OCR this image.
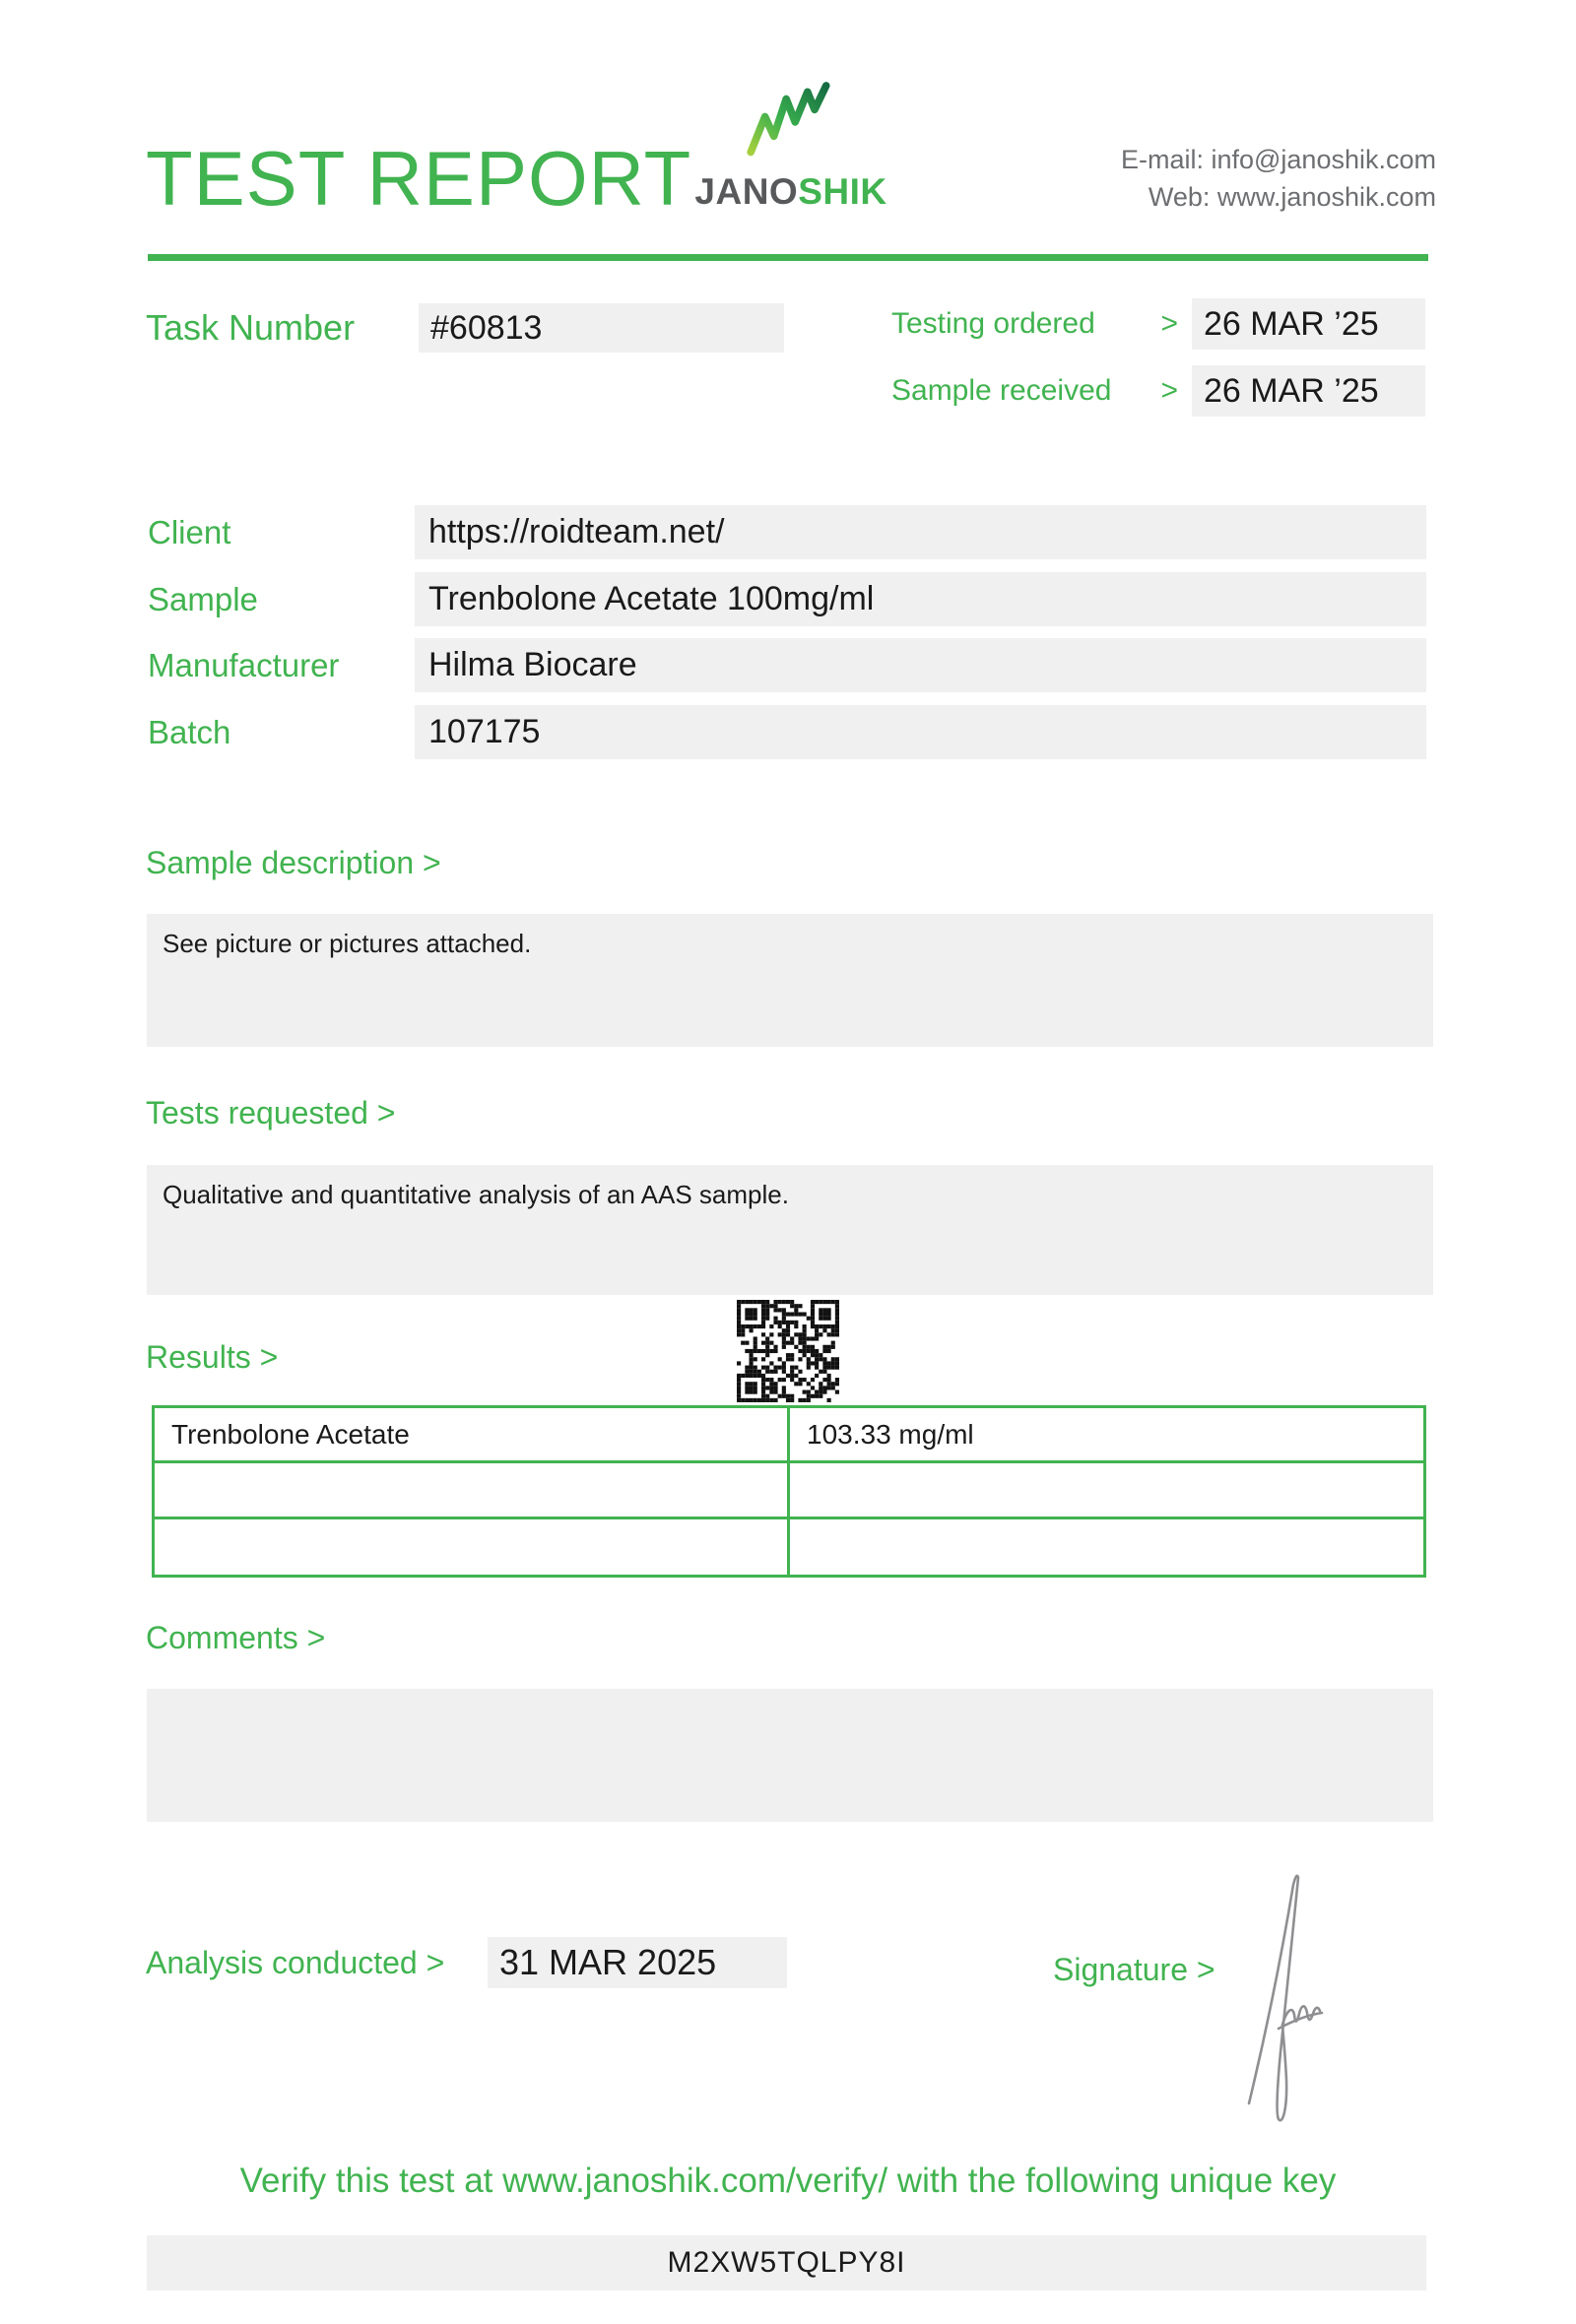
TEST REPORT JANOSHIK
E-mail: info@janoshik.com
Web: www.janoshik.com
Task Number	#60813	Testing ordered > 26 MAR ’25
Sample received > 26 MAR ’25
Client	https://roidteam.net/
Sample	Trenbolone Acetate 100mg/ml
Manufacturer	Hilma Biocare
Batch	107175
Sample description >
See picture or pictures attached.
Tests requested >
Qualitative and quantitative analysis of an AAS sample.
Results >
Trenbolone Acetate	103.33 mg/ml
Comments >
Analysis conducted >	31 MAR 2025	Signature >
Verify this test at www.janoshik.com/verify/ with the following unique key
M2XW5TQLPY8I
